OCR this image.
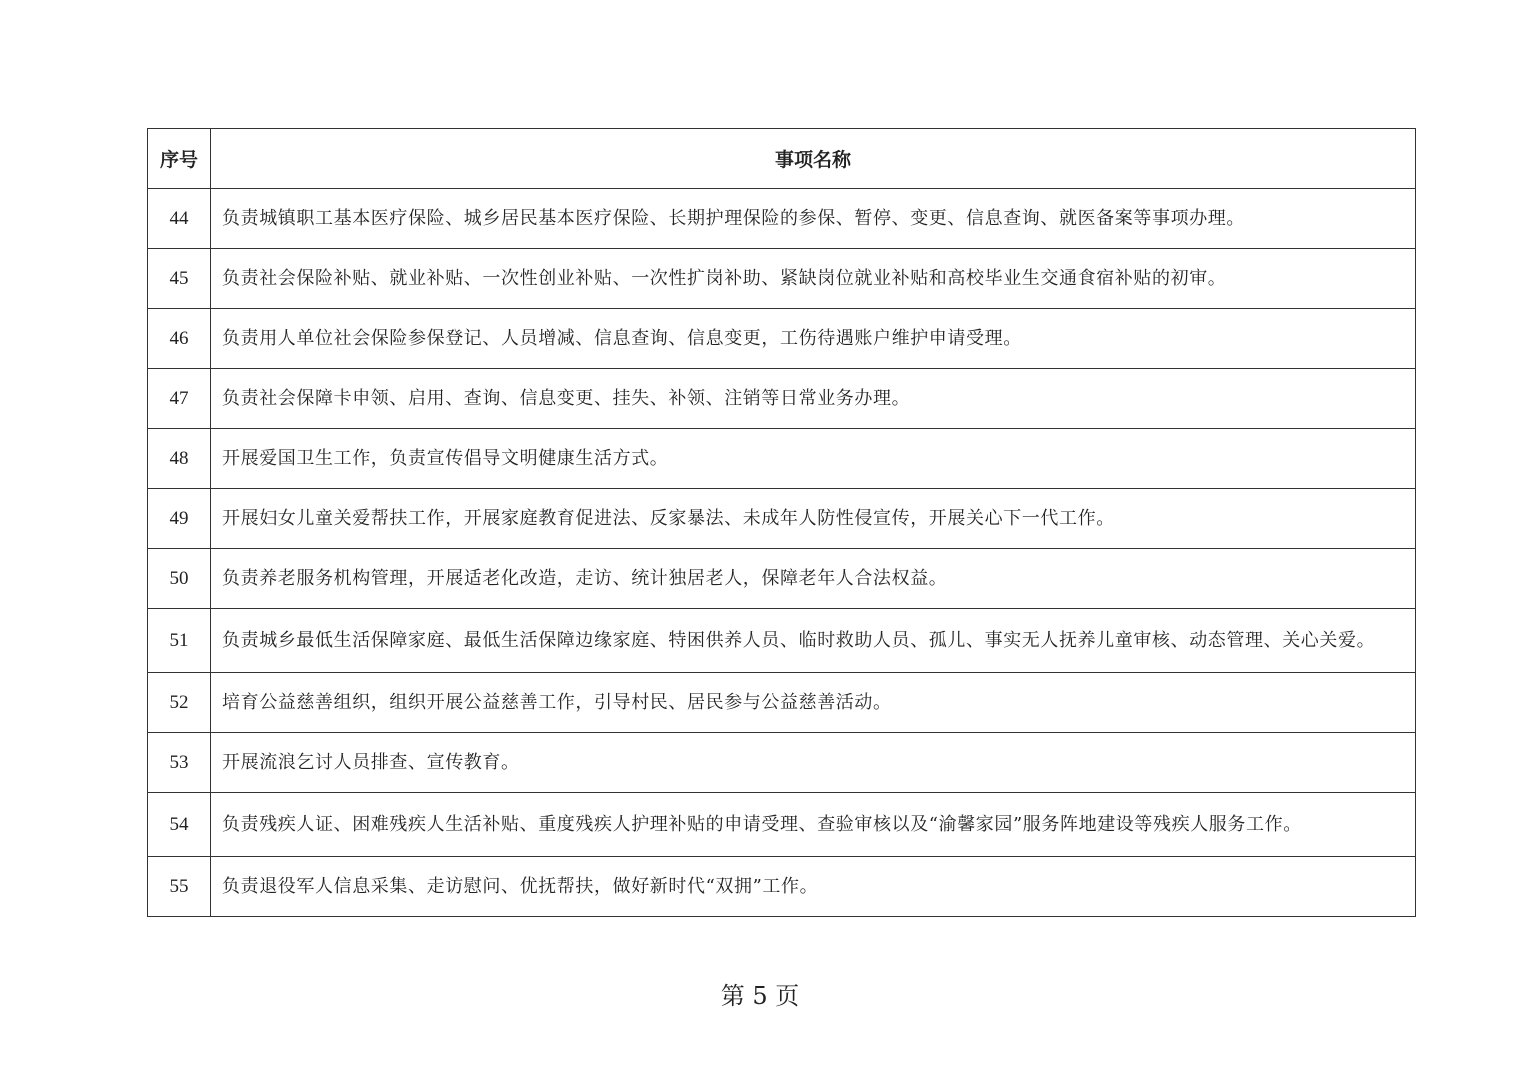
序号	事项名称
44	负责城镇职工基本医疗保险、城乡居民基本医疗保险、长期护理保险的参保、暂停、变更、信息查询、就医备案等事项办理。
45	负责社会保险补贴、就业补贴、一次性创业补贴、一次性扩岗补助、紧缺岗位就业补贴和高校毕业生交通食宿补贴的初审。
46	负责用人单位社会保险参保登记、人员增减、信息查询、信息变更，工伤待遇账户维护申请受理。
47	负责社会保障卡申领、启用、查询、信息变更、挂失、补领、注销等日常业务办理。
48	开展爱国卫生工作，负责宣传倡导文明健康生活方式。
49	开展妇女儿童关爱帮扶工作，开展家庭教育促进法、反家暴法、未成年人防性侵宣传，开展关心下一代工作。
50	负责养老服务机构管理，开展适老化改造，走访、统计独居老人，保障老年人合法权益。
51	负责城乡最低生活保障家庭、最低生活保障边缘家庭、特困供养人员、临时救助人员、孤儿、事实无人抚养儿童审核、动态管理、关心关爱。
52	培育公益慈善组织，组织开展公益慈善工作，引导村民、居民参与公益慈善活动。
53	开展流浪乞讨人员排查、宣传教育。
54	负责残疾人证、困难残疾人生活补贴、重度残疾人护理补贴的申请受理、查验审核以及“渝馨家园”服务阵地建设等残疾人服务工作。
55	负责退役军人信息采集、走访慰问、优抚帮扶，做好新时代“双拥”工作。
第 5 页
